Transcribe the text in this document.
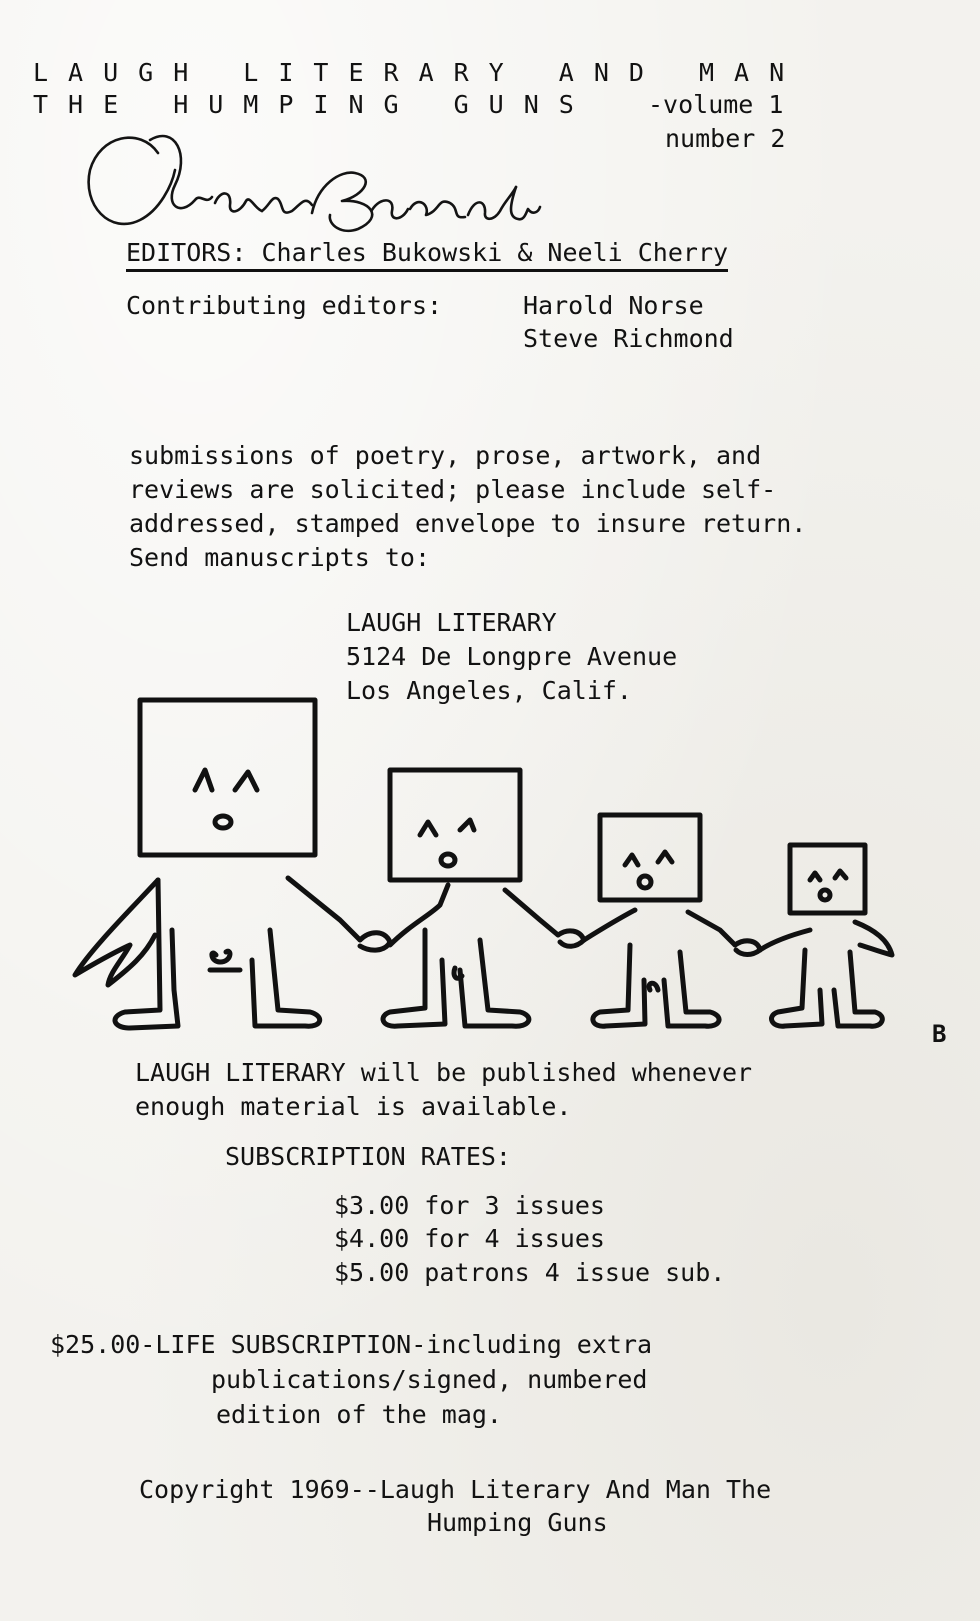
LAUGH LITERARY AND MAN
THE HUMPING GUNS -volume 1
number 2
EDITORS: Charles Bukowski & Neeli Cherry
Contributing editors:	Harold Norse
Steve Richmond
submissions of poetry, prose, artwork, and
reviews are solicited; please include self-
addressed, stamped envelope to insure return.
Send manuscripts to:
LAUGH LITERARY
5124 De Longpre Avenue
Los Angeles, Calif.
B
LAUGH LITERARY will be published whenever
enough material is available.
SUBSCRIPTION RATES:
$3.00 for 3 issues
$4.00 for 4 issues
$5.00 patrons 4 issue sub.
$25.00-LIFE SUBSCRIPTION-including extra
publications/signed, numbered
edition of the mag.
Copyright 1969--Laugh Literary And Man The
Humping Guns
